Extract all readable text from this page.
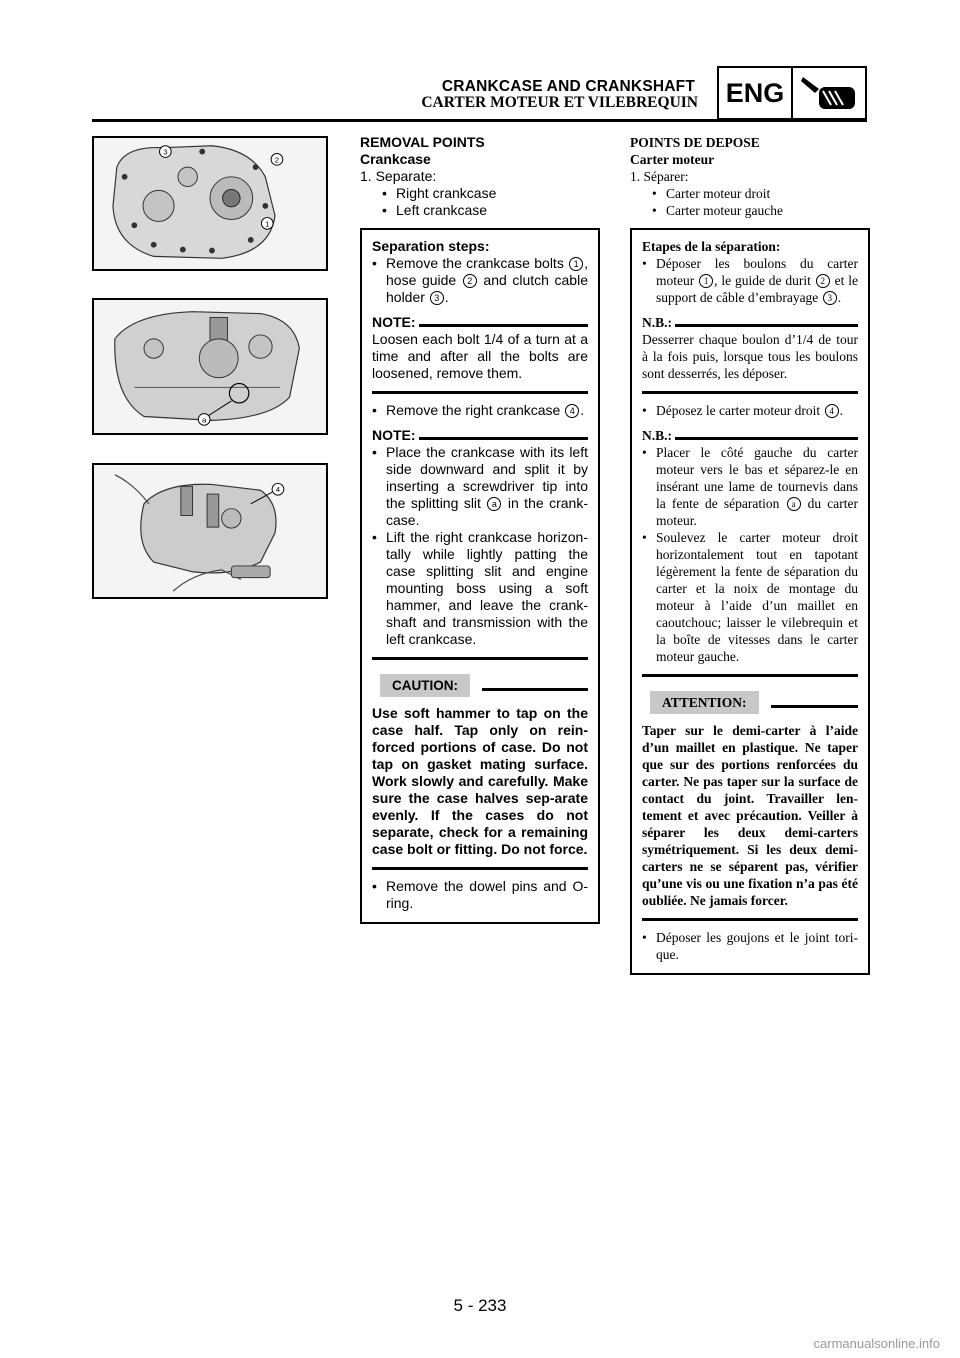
CRANKCASE AND CRANKSHAFT
CARTER MOTEUR ET VILEBREQUIN ENG
3
2
1
a
4
REMOVAL POINTS
Crankcase
1. Separate:
• Right crankcase
• Left crankcase
Separation steps:
• Remove the crankcase bolts 1 , hose guide 2 and clutch cable holder 3 .
NOTE:
Loosen each bolt 1/4 of a turn at a time and after all the bolts are loosened, remove them.
• Remove the right crankcase 4 .
NOTE:
• Place the crankcase with its left side downward and split it by inserting a screwdriver tip into the splitting slit a in the crank-case.
• Lift the right crankcase horizon-tally while lightly patting the case splitting slit and engine mounting boss using a soft hammer, and leave the crank-shaft and transmission with the left crankcase.
CAUTION:
Use soft hammer to tap on the case half. Tap only on rein-forced portions of case. Do not tap on gasket mating surface. Work slowly and carefully. Make sure the case halves sep-arate evenly. If the cases do not separate, check for a remaining case bolt or fitting. Do not force.
• Remove the dowel pins and O-ring.
POINTS DE DEPOSE
Carter moteur
1. Séparer:
• Carter moteur droit
• Carter moteur gauche
Etapes de la séparation:
• Déposer les boulons du carter moteur 1 , le guide de durit 2 et le support de câble d’embrayage 3 .
N.B.:
Desserrer chaque boulon d’1/4 de tour à la fois puis, lorsque tous les boulons sont desserrés, les déposer.
• Déposez le carter moteur droit 4 .
N.B.:
• Placer le côté gauche du carter moteur vers le bas et séparez-le en insérant une lame de tournevis dans la fente de séparation a du carter moteur.
• Soulevez le carter moteur droit horizontalement tout en tapotant légèrement la fente de séparation du carter et la noix de montage du moteur à l’aide d’un maillet en caoutchouc; laisser le vilebrequin et la boîte de vitesses dans le carter moteur gauche.
ATTENTION:
Taper sur le demi-carter à l’aide d’un maillet en plastique. Ne taper que sur des portions renforcées du carter. Ne pas taper sur la surface de contact du joint. Travailler len-tement et avec précaution. Veiller à séparer les deux demi-carters symétriquement. Si les deux demi-carters ne se séparent pas, vérifier qu’une vis ou une fixation n’a pas été oubliée. Ne jamais forcer.
• Déposer les goujons et le joint tori-que.
5 - 233
carmanualsonline.info
